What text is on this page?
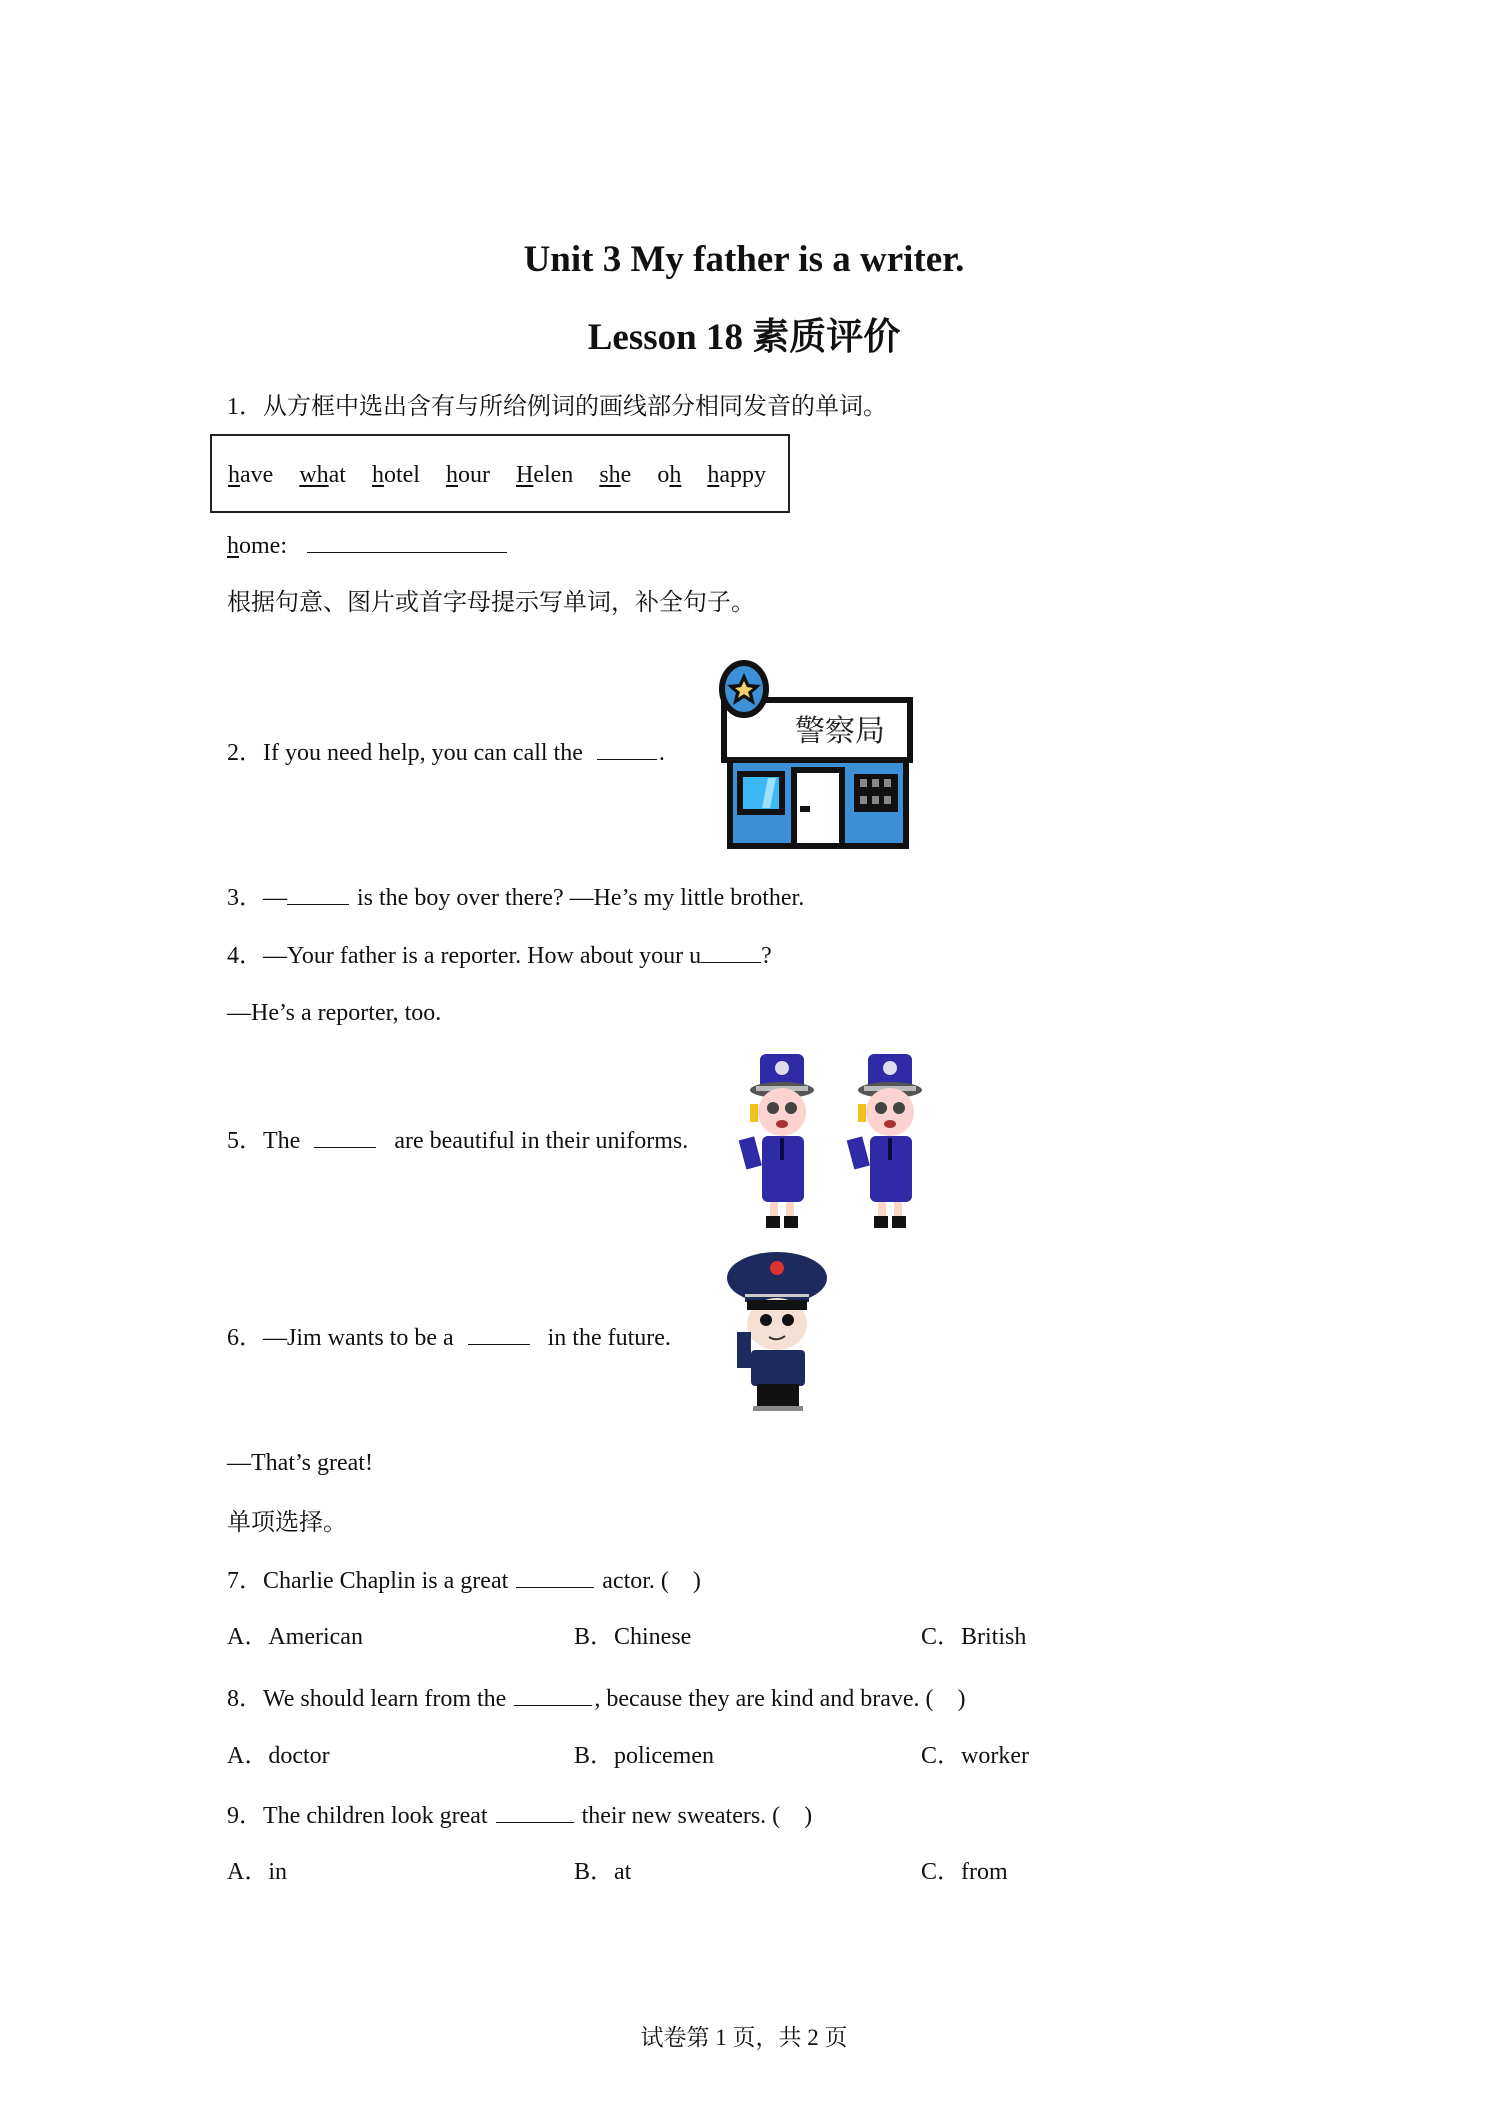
Unit 3 My father is a writer.
Lesson 18 素质评价
1．从方框中选出含有与所给例词的画线部分相同发音的单词。
have what hotel hour Helen she oh happy
home:
根据句意、图片或首字母提示写单词，补全句子。
2．If you need help, you can call the	.
警察局
3．—	is the boy over there? —He’s my little brother.
4．—Your father is a reporter. How about your u	?
—He’s a reporter, too.
5．The	are beautiful in their uniforms.
6．—Jim wants to be a	in the future.
—That’s great!
单项选择。
7．Charlie Chaplin is a great	actor. (　)
A．American	B．Chinese	C．British
8．We should learn from the	, because they are kind and brave. (　)
A．doctor	B．policemen	C．worker
9．The children look great	their new sweaters. (　)
A．in	B．at	C．from
试卷第 1 页，共 2 页
